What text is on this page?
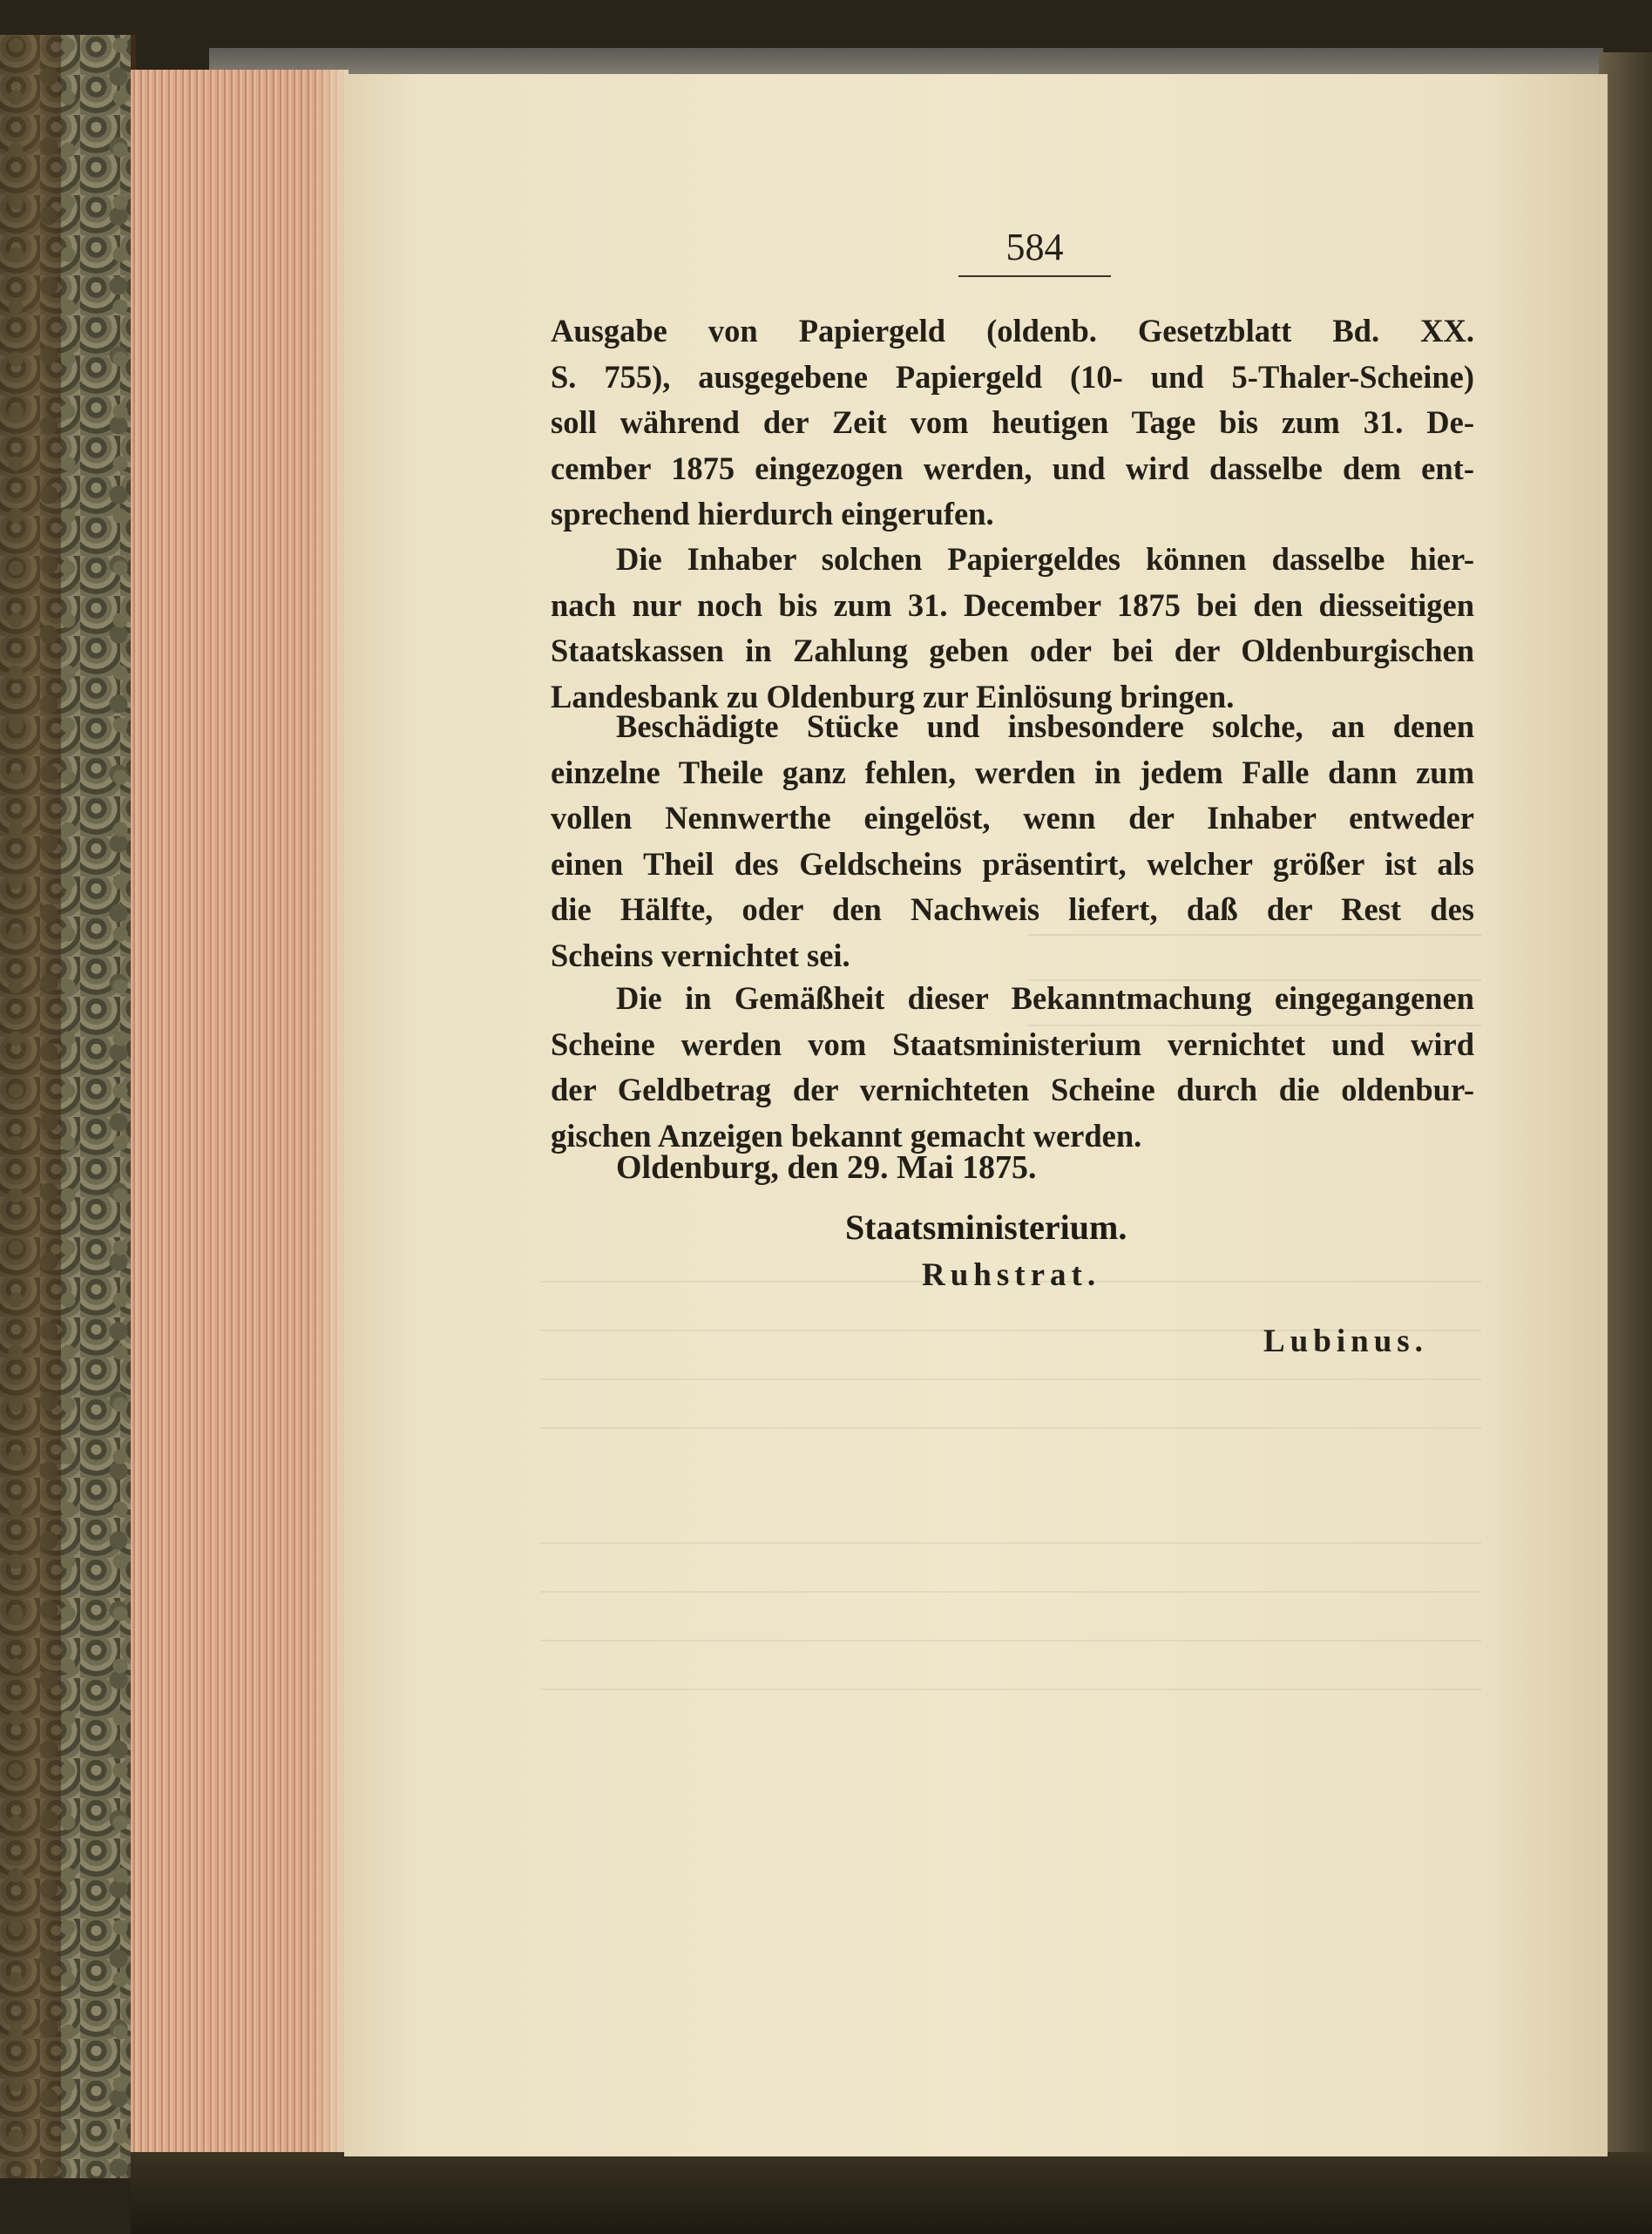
584
Ausgabe von Papiergeld (oldenb. Gesetzblatt Bd. XX.
S. 755), ausgegebene Papiergeld (10- und 5-Thaler-Scheine)
soll während der Zeit vom heutigen Tage bis zum 31. De-
cember 1875 eingezogen werden, und wird dasselbe dem ent-
sprechend hierdurch eingerufen.
Die Inhaber solchen Papiergeldes können dasselbe hier-
nach nur noch bis zum 31. December 1875 bei den diesseitigen
Staatskassen in Zahlung geben oder bei der Oldenburgischen
Landesbank zu Oldenburg zur Einlösung bringen.
Beschädigte Stücke und insbesondere solche, an denen
einzelne Theile ganz fehlen, werden in jedem Falle dann zum
vollen Nennwerthe eingelöst, wenn der Inhaber entweder
einen Theil des Geldscheins präsentirt, welcher größer ist als
die Hälfte, oder den Nachweis liefert, daß der Rest des
Scheins vernichtet sei.
Die in Gemäßheit dieser Bekanntmachung eingegangenen
Scheine werden vom Staatsministerium vernichtet und wird
der Geldbetrag der vernichteten Scheine durch die oldenbur-
gischen Anzeigen bekannt gemacht werden.
Oldenburg, den 29. Mai 1875.
Staatsministerium.
Ruhstrat.
Lubinus.
